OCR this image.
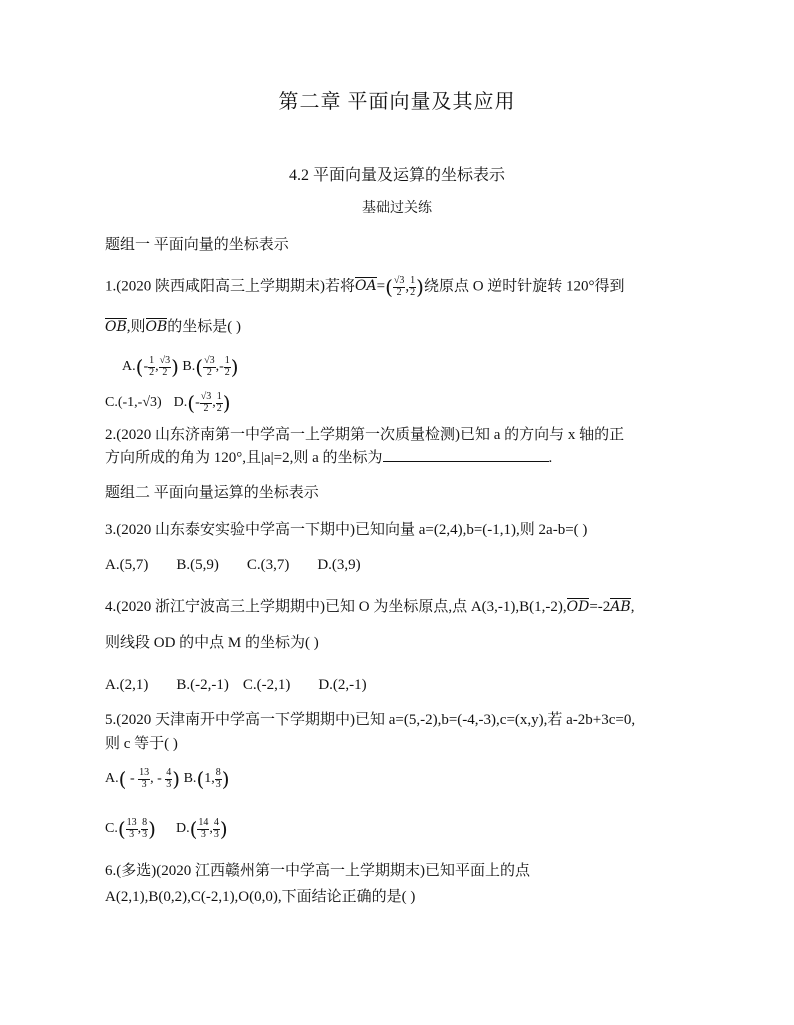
第二章 平面向量及其应用
4.2 平面向量及运算的坐标表示
基础过关练
题组一 平面向量的坐标表示
1.(2020 陕西咸阳高三上学期期末)若将$OA=( \frac{√3}{2}$ , $\frac{1}{2}$ )绕原点 O 逆时针旋转 120°得到
OB,则OB的坐标是( )
$A.(- \frac{1}{2}$ , $\frac{√3}{2}$ ) $B.( \frac{√3}{2}$ ,- $\frac{1}{2}$ )
C.(-1,-√3) $D.(- \frac{√3}{2}$ , $\frac{1}{2}$ )
2.(2020 山东济南第一中学高一上学期第一次质量检测)已知 a 的方向与 x 轴的正
方向所成的角为 120°,且|a|=2,则 a 的坐标为	.
题组二 平面向量运算的坐标表示
3.(2020 山东泰安实验中学高一下期中)已知向量 a=(2,4),b=(-1,1),则 2a-b=( )
A.(5,7) B.(5,9) C.(3,7) D.(3,9)
4.(2020 浙江宁波高三上学期期中)已知 O 为坐标原点,点 A(3,-1),B(1,-2),OD=-2AB,
则线段 OD 的中点 M 的坐标为( )
A.(2,1) B.(-2,-1) C.(-2,1) D.(2,-1)
5.(2020 天津南开中学高一下学期期中)已知 a=(5,-2),b=(-4,-3),c=(x,y),若 a-2b+3c=0,
则 c 等于( )
$A.( - \frac{13}{3}$ , - $\frac{4}{3}$ ) B.(1, $\frac{8}{3}$ )
$C.( \frac{13}{3}$ , $\frac{8}{3}$ ) $D.( \frac{14}{3}$ , $\frac{4}{3}$ )
6.(多选)(2020 江西赣州第一中学高一上学期期末)已知平面上的点
A(2,1),B(0,2),C(-2,1),O(0,0),下面结论正确的是( )
